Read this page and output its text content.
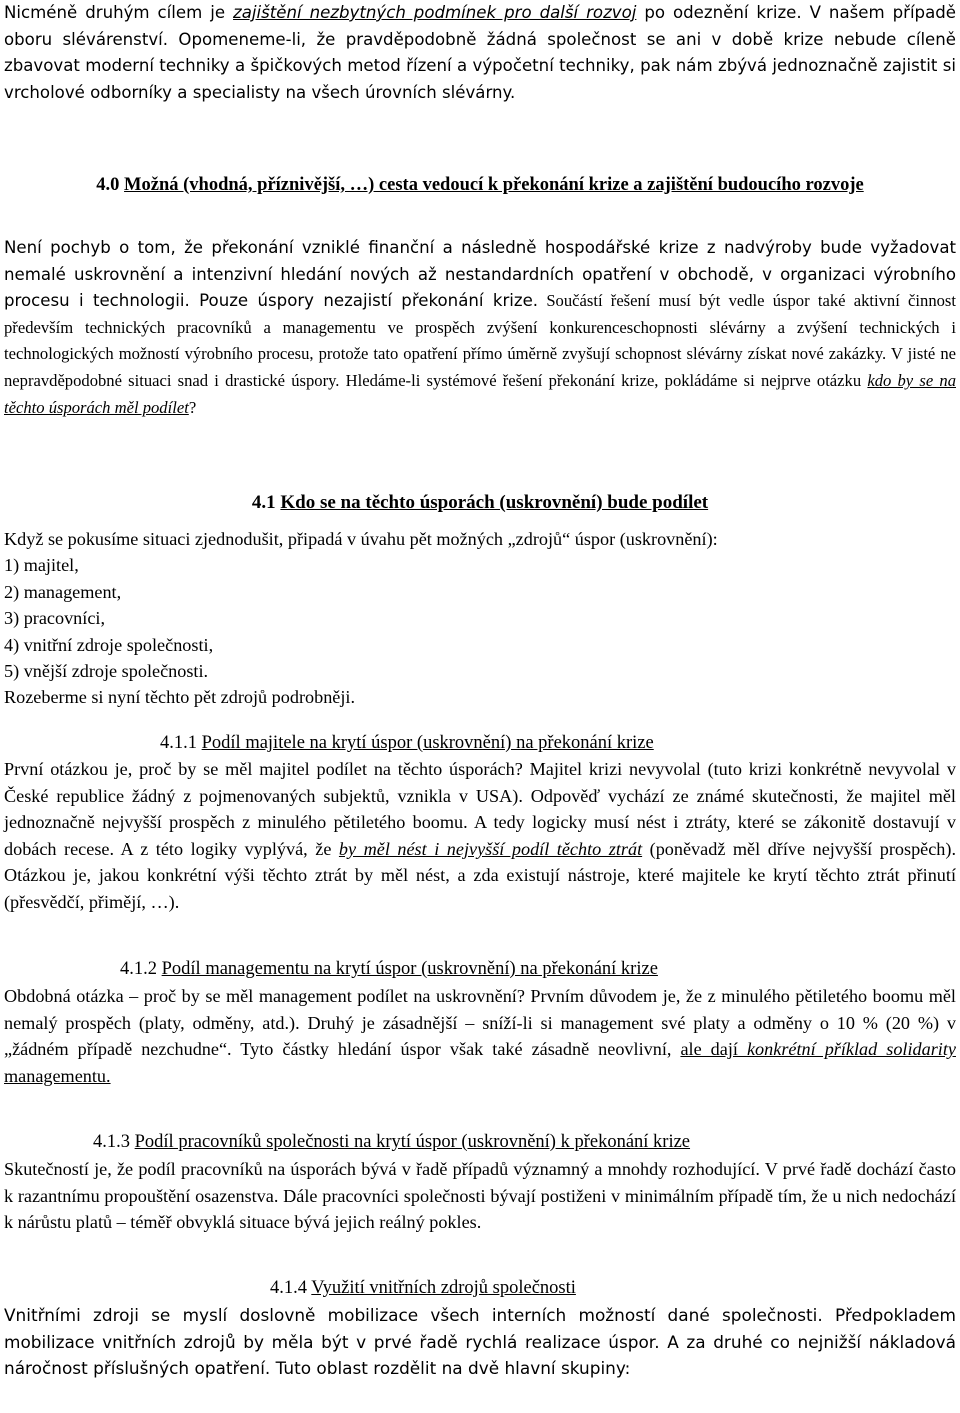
Nicméně druhým cílem je zajištění nezbytných podmínek pro další rozvoj po odeznění krize. V našem případě oboru slévárenství. Opomeneme-li, že pravděpodobně žádná společnost se ani v době krize nebude cíleně zbavovat moderní techniky a špičkových metod řízení a výpočetní techniky, pak nám zbývá jednoznačně zajistit si vrcholové odborníky a specialisty na všech úrovních slévárny.

4.0 Možná (vhodná, příznivější, …) cesta vedoucí k překonání krize a zajištění budoucího rozvoje

Není pochyb o tom, že překonání vzniklé finanční a následně hospodářské krize z nadvýroby bude vyžadovat nemalé uskrovnění a intenzivní hledání nových až nestandardních opatření v obchodě, v organizaci výrobního procesu i technologii. Pouze úspory nezajistí překonání krize. Součástí řešení musí být vedle úspor také aktivní činnost především technických pracovníků a managementu ve prospěch zvýšení konkurenceschopnosti slévárny a zvýšení technických i technologických možností výrobního procesu, protože tato opatření přímo úměrně zvyšují schopnost slévárny získat nové zakázky. V jisté ne nepravděpodobné situaci snad i drastické úspory. Hledáme-li systémové řešení překonání krize, pokládáme si nejprve otázku kdo by se na těchto úsporách měl podílet?

4.1 Kdo se na těchto úsporách (uskrovnění) bude podílet
Když se pokusíme situaci zjednodušit, připadá v úvahu pět možných „zdrojů“ úspor (uskrovnění):
1) majitel,
2) management,
3) pracovníci,
4) vnitřní zdroje společnosti,
5) vnější zdroje společnosti.
Rozeberme si nyní těchto pět zdrojů podrobněji.
4.1.1 Podíl majitele na krytí úspor (uskrovnění) na překonání krize

První otázkou je, proč by se měl majitel podílet na těchto úsporách? Majitel krizi nevyvolal (tuto krizi konkrétně nevyvolal v České republice žádný z pojmenovaných subjektů, vznikla v USA). Odpověď vychází ze známé skutečnosti, že majitel měl jednoznačně nejvyšší prospěch z minulého pětiletého boomu. A tedy logicky musí nést i ztráty, které se zákonitě dostavují v dobách recese. A z této logiky vyplývá, že by měl nést i nejvyšší podíl těchto ztrát (poněvadž měl dříve nejvyšší prospěch). Otázkou je, jakou konkrétní výši těchto ztrát by měl nést, a zda existují nástroje, které majitele ke krytí těchto ztrát přinutí (přesvědčí, přimějí, …).

4.1.2 Podíl managementu na krytí úspor (uskrovnění) na překonání krize

Obdobná otázka – proč by se měl management podílet na uskrovnění? Prvním důvodem je, že z minulého pětiletého boomu měl nemalý prospěch (platy, odměny, atd.). Druhý je zásadnější – sníží-li si management své platy a odměny o 10 % (20 %) v „žádném případě nezchudne“. Tyto částky hledání úspor však také zásadně neovlivní, ale dají konkrétní příklad solidarity managementu.

4.1.3 Podíl pracovníků společnosti na krytí úspor (uskrovnění) k překonání krize

Skutečností je, že podíl pracovníků na úsporách bývá v řadě případů významný a mnohdy rozhodující. V prvé řadě dochází často k razantnímu propouštění osazenstva. Dále pracovníci společnosti bývají postiženi v minimálním případě tím, že u nich nedochází k nárůstu platů – téměř obvyklá situace bývá jejich reálný pokles.

4.1.4 Využití vnitřních zdrojů společnosti

Vnitřními zdroji se myslí doslovně mobilizace všech interních možností dané společnosti. Předpokladem mobilizace vnitřních zdrojů by měla být v prvé řadě rychlá realizace úspor. A za druhé co nejnižší nákladová náročnost příslušných opatření. Tuto oblast rozdělit na dvě hlavní skupiny:
